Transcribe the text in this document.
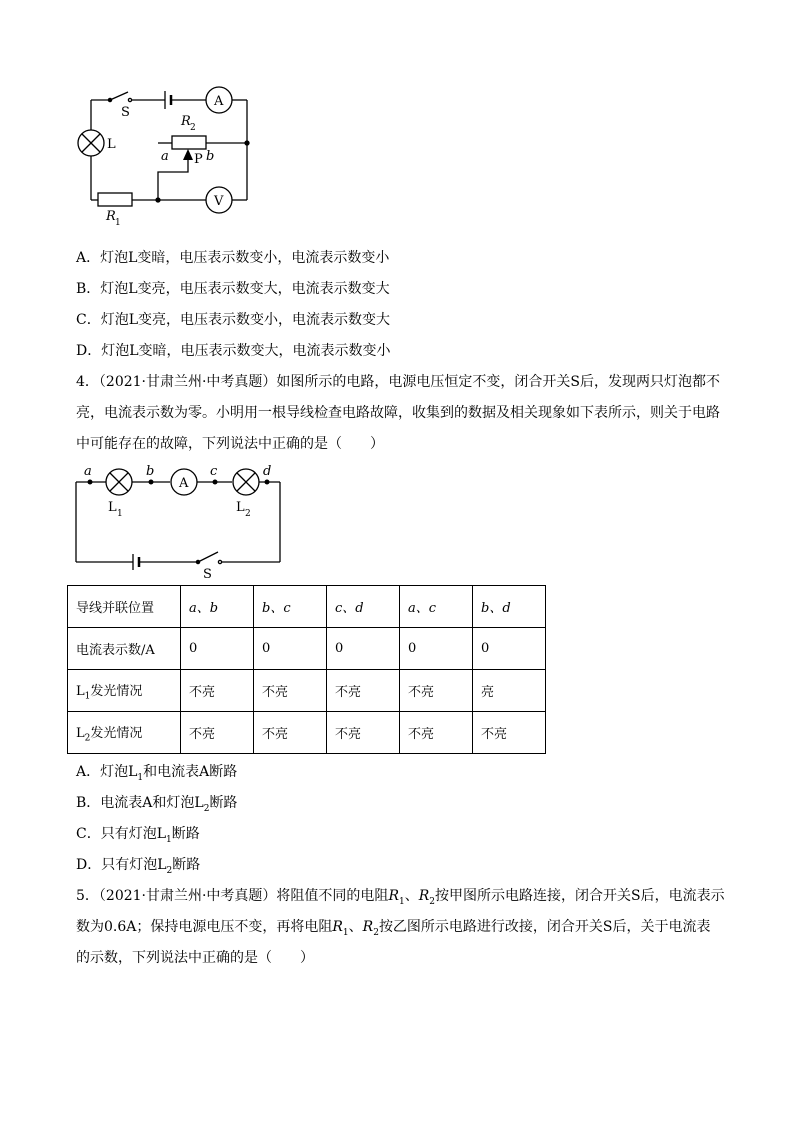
S
A
L
R 2
a P b
R 1
V
A．灯泡L变暗，电压表示数变小，电流表示数变小
B．灯泡L变亮，电压表示数变大，电流表示数变大
C．灯泡L变亮，电压表示数变小，电流表示数变大
D．灯泡L变暗，电压表示数变大，电流表示数变小
4．（2021·甘肃兰州·中考真题）如图所示的电路，电源电压恒定不变，闭合开关S后，发现两只灯泡都不
亮，电流表示数为零。小明用一根导线检查电路故障，收集到的数据及相关现象如下表所示，则关于电路
中可能存在的故障，下列说法中正确的是（　　）
a	b	c	d
A
L 1	L 2
S
导线并联位置	a、b	b、c	c、d	a、c	b、d
电流表示数/A	0	0	0	0	0
$L_1$发光情况	不亮	不亮	不亮	不亮	亮
$L_2$发光情况	不亮	不亮	不亮	不亮	不亮
A．灯泡$L_1$和电流表A断路
B．电流表A和灯泡$L_2$断路
C．只有灯泡$L_1$断路
D．只有灯泡$L_2$断路
5．（2021·甘肃兰州·中考真题）将阻值不同的电阻$R_1$、$R_2$按甲图所示电路连接，闭合开关S后，电流表示
数为0.6A；保持电源电压不变，再将电阻$R_1$、$R_2$按乙图所示电路进行改接，闭合开关S后，关于电流表
的示数，下列说法中正确的是（　　）
